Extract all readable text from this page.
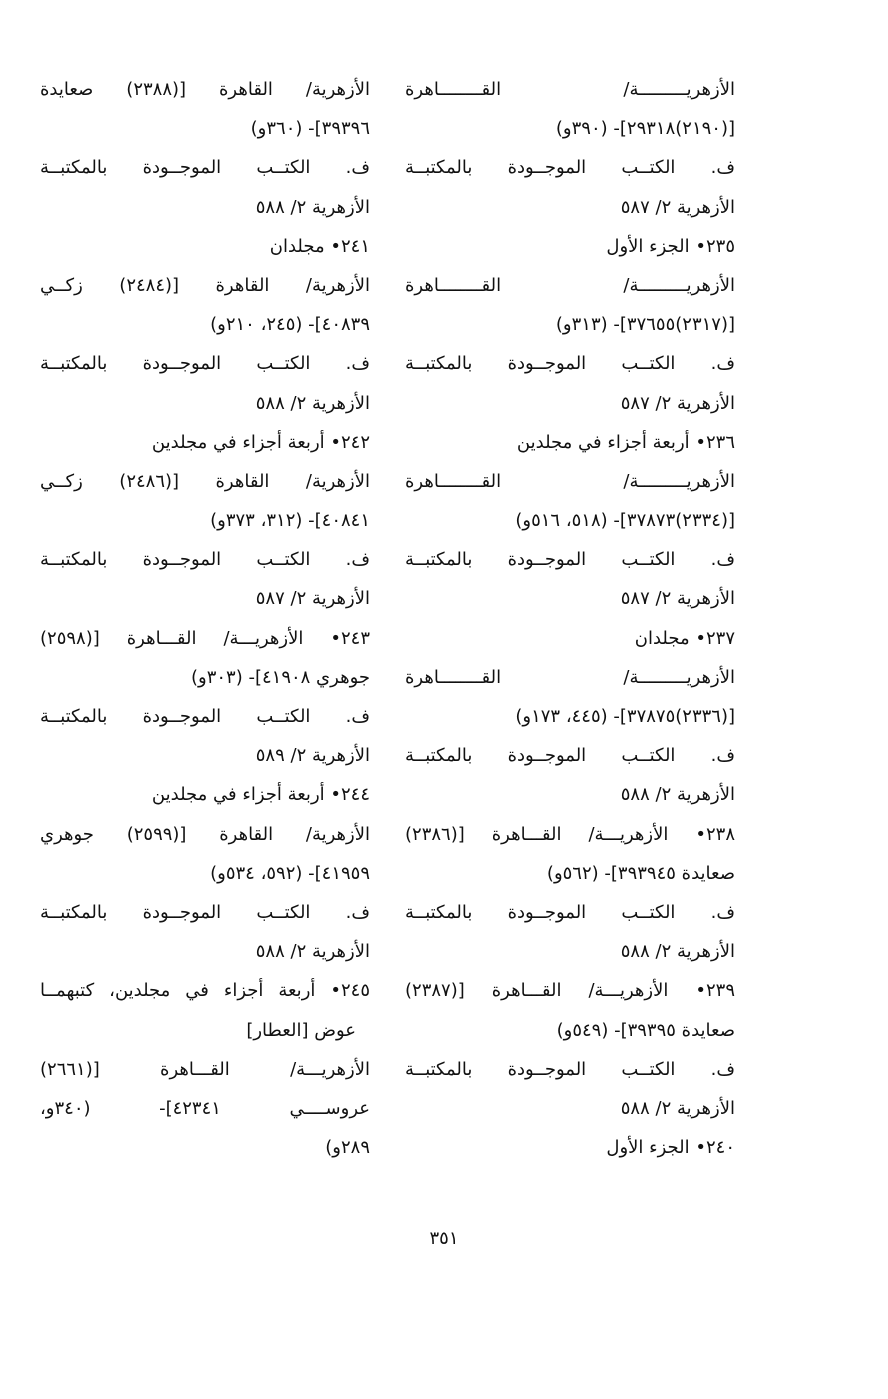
الأزهريـــــــــة/ القــــــــاهرة
[(٢١٩٠)٢٩٣١٨]- (٣٩٠و)
ف. الكتــب الموجــودة بالمكتبــة
الأزهرية ٢/ ٥٨٧
٢٣٥• الجزء الأول
الأزهريـــــــــة/ القــــــــاهرة
[(٢٣١٧)٣٧٦٥٥]- (٣١٣و)
ف. الكتــب الموجــودة بالمكتبــة
الأزهرية ٢/ ٥٨٧
٢٣٦• أربعة أجزاء في مجلدين
الأزهريـــــــــة/ القــــــــاهرة
[(٢٣٣٤)٣٧٨٧٣]- (٥١٨، ٥١٦و)
ف. الكتــب الموجــودة بالمكتبــة
الأزهرية ٢/ ٥٨٧
٢٣٧• مجلدان
الأزهريـــــــــة/ القــــــــاهرة
[(٢٣٣٦)٣٧٨٧٥]- (٤٤٥، ١٧٣و)
ف. الكتــب الموجــودة بالمكتبــة
الأزهرية ٢/ ٥٨٨
٢٣٨• الأزهريـــة/ القـــاهرة [(٢٣٨٦)
صعايدة ٣٩٣٩٤٥]- (٥٦٢و)
ف. الكتــب الموجــودة بالمكتبــة
الأزهرية ٢/ ٥٨٨
٢٣٩• الأزهريـــة/ القـــاهرة [(٢٣٨٧)
صعايدة ٣٩٣٩٥]- (٥٤٩و)
ف. الكتــب الموجــودة بالمكتبــة
الأزهرية ٢/ ٥٨٨
٢٤٠• الجزء الأول
الأزهرية/ القاهرة [(٢٣٨٨) صعايدة
٣٩٣٩٦]- (٣٦٠و)
ف. الكتــب الموجــودة بالمكتبــة
الأزهرية ٢/ ٥٨٨
٢٤١• مجلدان
الأزهرية/ القاهرة [(٢٤٨٤) زكــي
٤٠٨٣٩]- (٢٤٥، ٢١٠و)
ف. الكتــب الموجــودة بالمكتبــة
الأزهرية ٢/ ٥٨٨
٢٤٢• أربعة أجزاء في مجلدين
الأزهرية/ القاهرة [(٢٤٨٦) زكــي
٤٠٨٤١]- (٣١٢، ٣٧٣و)
ف. الكتــب الموجــودة بالمكتبــة
الأزهرية ٢/ ٥٨٧
٢٤٣• الأزهريـــة/ القـــاهرة [(٢٥٩٨)
جوهري ٤١٩٠٨]- (٣٠٣و)
ف. الكتــب الموجــودة بالمكتبــة
الأزهرية ٢/ ٥٨٩
٢٤٤• أربعة أجزاء في مجلدين
الأزهرية/ القاهرة [(٢٥٩٩) جوهري
٤١٩٥٩]- (٥٩٢، ٥٣٤و)
ف. الكتــب الموجــودة بالمكتبــة
الأزهرية ٢/ ٥٨٨
٢٤٥• أربعة أجزاء في مجلدين، كتبهمــا
عوض [العطار]
الأزهريـــة/ القـــاهرة [(٢٦٦١)
عروســــي ٤٢٣٤١]- (٣٤٠و،
٢٨٩و)
٣٥١
